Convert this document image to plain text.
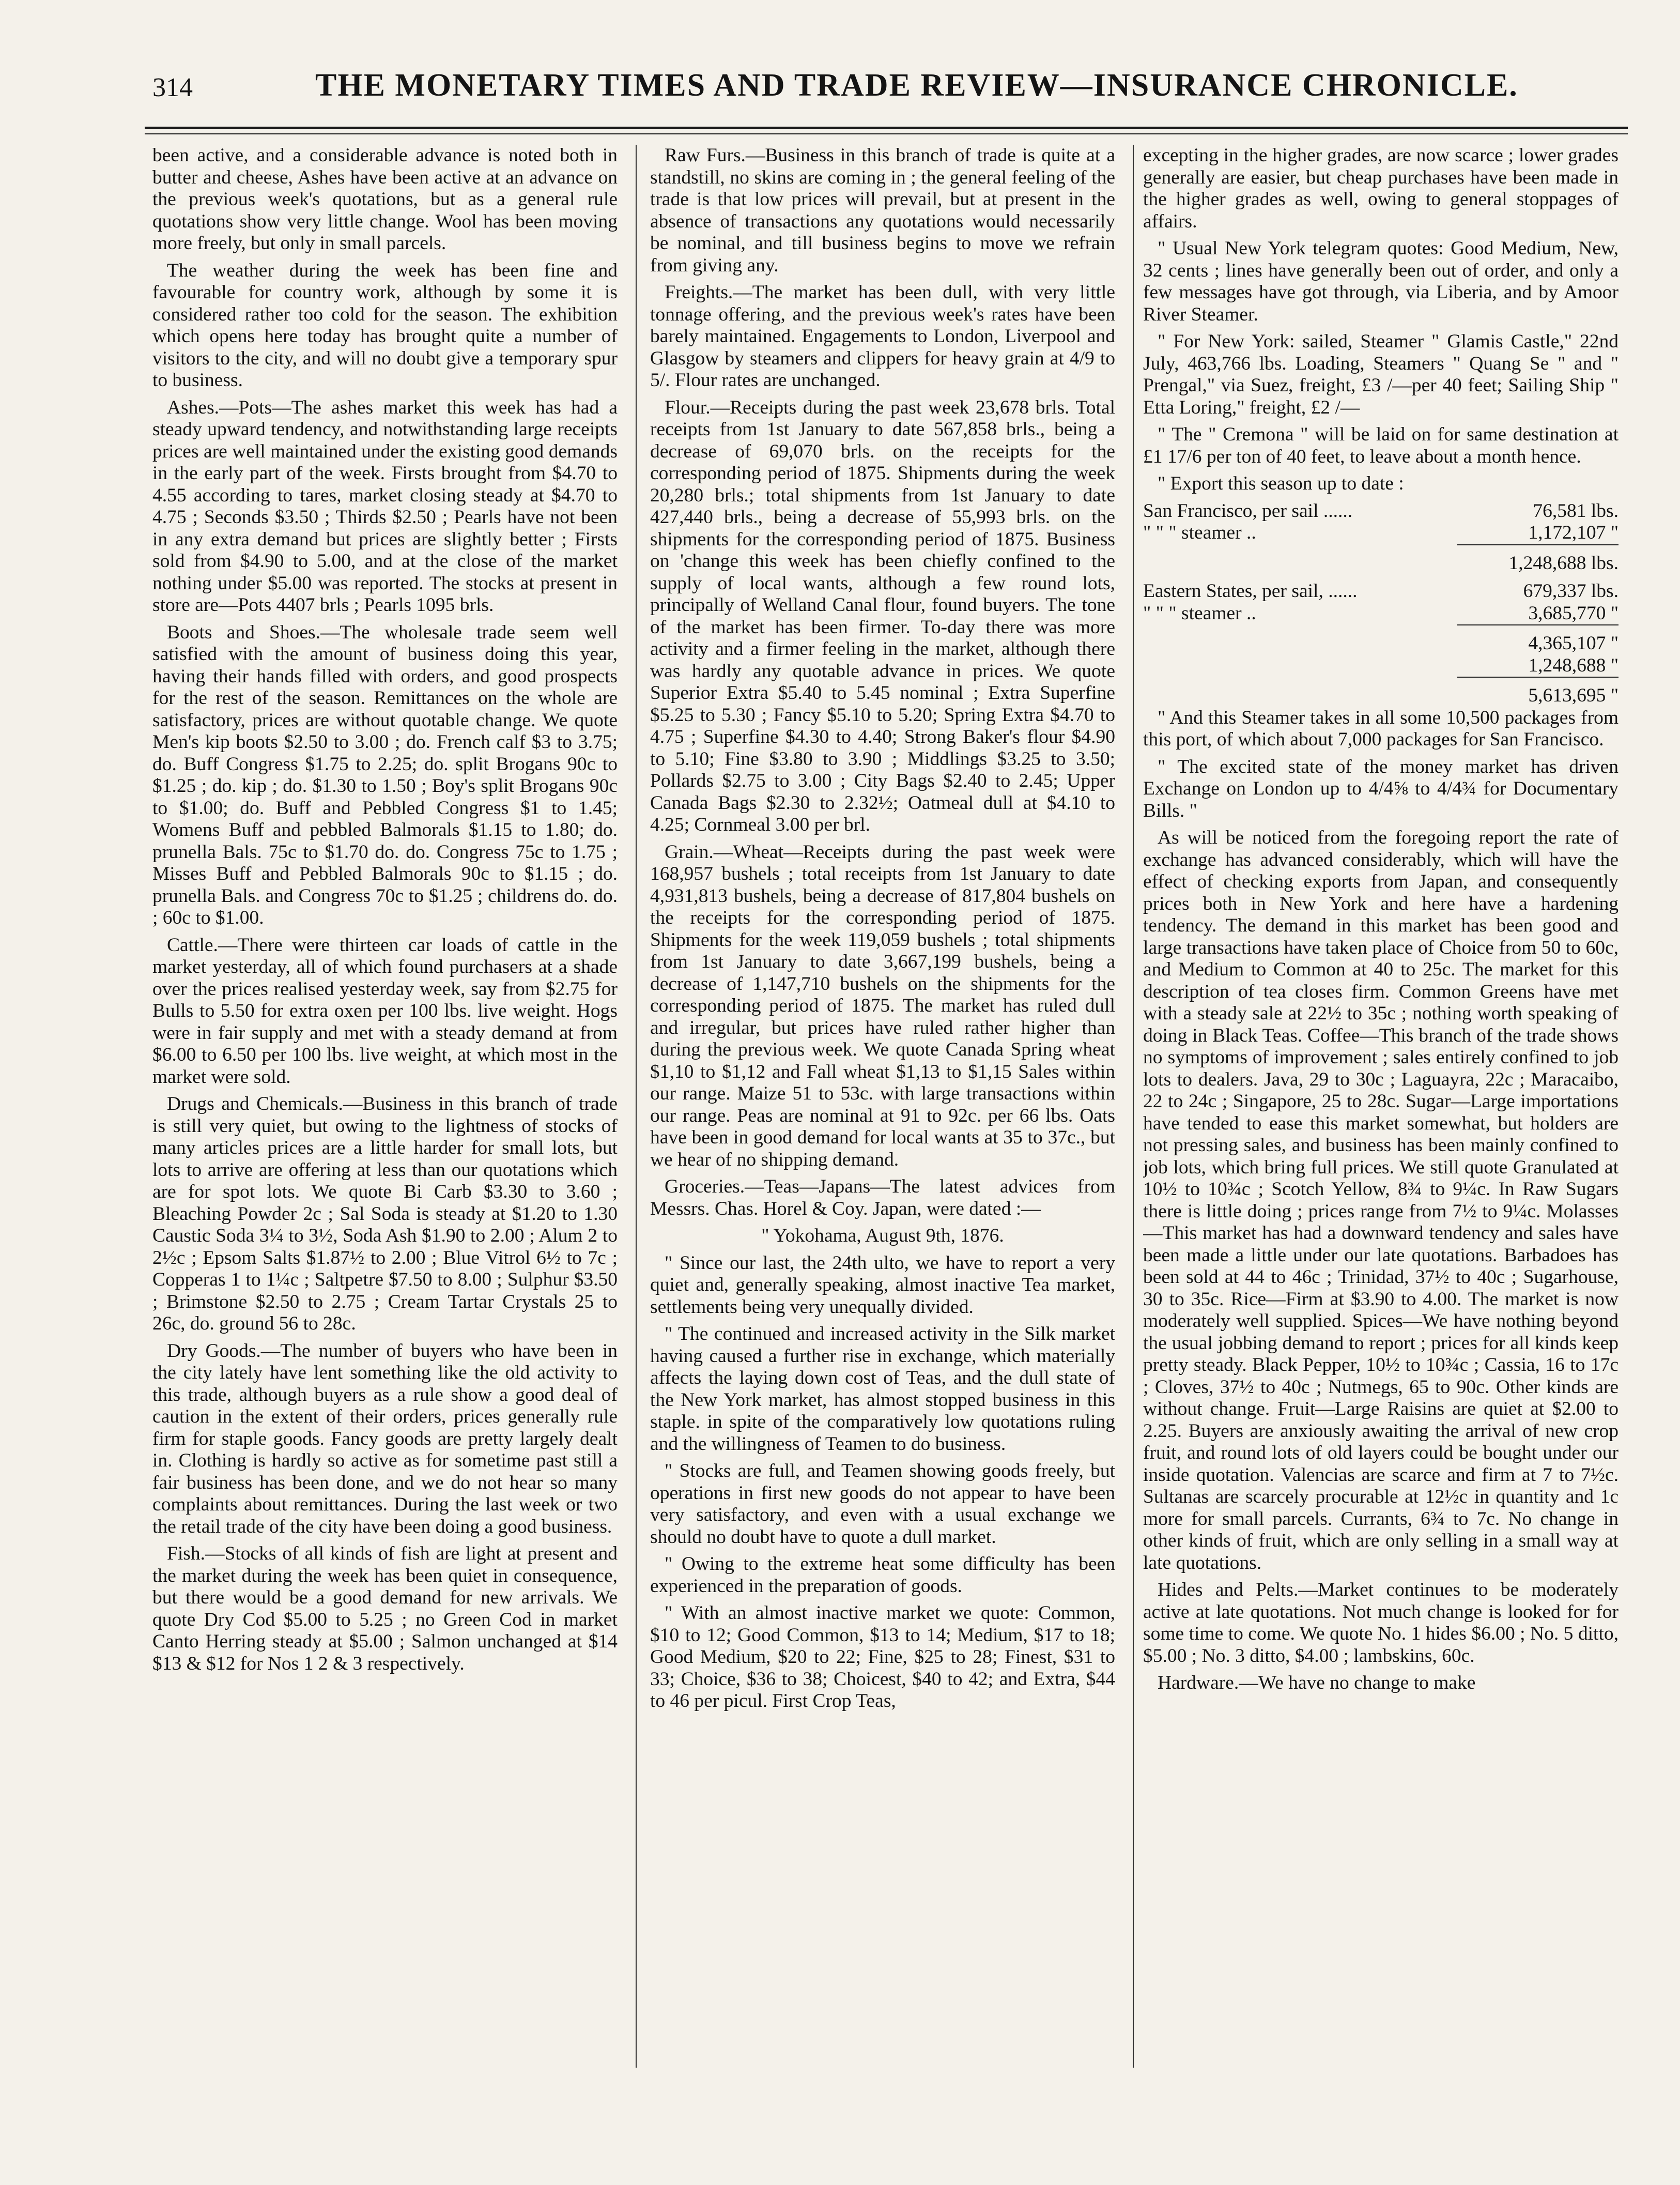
314	THE MONETARY TIMES AND TRADE REVIEW—INSURANCE CHRONICLE.

been active, and a considerable advance is noted both in butter and cheese, Ashes have been active at an advance on the previous week's quotations, but as a general rule quotations show very little change. Wool has been moving more freely, but only in small parcels.

The weather during the week has been fine and favourable for country work, although by some it is considered rather too cold for the season. The exhibition which opens here today has brought quite a number of visitors to the city, and will no doubt give a temporary spur to business.

Ashes.—Pots—The ashes market this week has had a steady upward tendency, and notwithstanding large receipts prices are well maintained under the existing good demands in the early part of the week. Firsts brought from $4.70 to 4.55 according to tares, market closing steady at $4.70 to 4.75 ; Seconds $3.50 ; Thirds $2.50 ; Pearls have not been in any extra demand but prices are slightly better ; Firsts sold from $4.90 to 5.00, and at the close of the market nothing under $5.00 was reported. The stocks at present in store are—Pots 4407 brls ; Pearls 1095 brls.

Boots and Shoes.—The wholesale trade seem well satisfied with the amount of business doing this year, having their hands filled with orders, and good prospects for the rest of the season. Remittances on the whole are satisfactory, prices are without quotable change. We quote Men's kip boots $2.50 to 3.00 ; do. French calf $3 to 3.75; do. Buff Congress $1.75 to 2.25; do. split Brogans 90c to $1.25 ; do. kip ; do. $1.30 to 1.50 ; Boy's split Brogans 90c to $1.00; do. Buff and Pebbled Congress $1 to 1.45; Womens Buff and pebbled Balmorals $1.15 to 1.80; do. prunella Bals. 75c to $1.70 do. do. Congress 75c to 1.75 ; Misses Buff and Pebbled Balmorals 90c to $1.15 ; do. prunella Bals. and Congress 70c to $1.25 ; childrens do. do. ; 60c to $1.00.

Cattle.—There were thirteen car loads of cattle in the market yesterday, all of which found purchasers at a shade over the prices realised yesterday week, say from $2.75 for Bulls to 5.50 for extra oxen per 100 lbs. live weight. Hogs were in fair supply and met with a steady demand at from $6.00 to 6.50 per 100 lbs. live weight, at which most in the market were sold.

Drugs and Chemicals.—Business in this branch of trade is still very quiet, but owing to the lightness of stocks of many articles prices are a little harder for small lots, but lots to arrive are offering at less than our quotations which are for spot lots. We quote Bi Carb $3.30 to 3.60 ; Bleaching Powder 2c ; Sal Soda is steady at $1.20 to 1.30 Caustic Soda 3¼ to 3½, Soda Ash $1.90 to 2.00 ; Alum 2 to 2½c ; Epsom Salts $1.87½ to 2.00 ; Blue Vitrol 6½ to 7c ; Copperas 1 to 1¼c ; Saltpetre $7.50 to 8.00 ; Sulphur $3.50 ; Brimstone $2.50 to 2.75 ; Cream Tartar Crystals 25 to 26c, do. ground 56 to 28c.

Dry Goods.—The number of buyers who have been in the city lately have lent something like the old activity to this trade, although buyers as a rule show a good deal of caution in the extent of their orders, prices generally rule firm for staple goods. Fancy goods are pretty largely dealt in. Clothing is hardly so active as for sometime past still a fair business has been done, and we do not hear so many complaints about remittances. During the last week or two the retail trade of the city have been doing a good business.

Fish.—Stocks of all kinds of fish are light at present and the market during the week has been quiet in consequence, but there would be a good demand for new arrivals. We quote Dry Cod $5.00 to 5.25 ; no Green Cod in market Canto Herring steady at $5.00 ; Salmon unchanged at $14 $13 & $12 for Nos 1 2 & 3 respectively.

Raw Furs.—Business in this branch of trade is quite at a standstill, no skins are coming in ; the general feeling of the trade is that low prices will prevail, but at present in the absence of transactions any quotations would necessarily be nominal, and till business begins to move we refrain from giving any.

Freights.—The market has been dull, with very little tonnage offering, and the previous week's rates have been barely maintained. Engagements to London, Liverpool and Glasgow by steamers and clippers for heavy grain at 4/9 to 5/. Flour rates are unchanged.

Flour.—Receipts during the past week 23,678 brls. Total receipts from 1st January to date 567,858 brls., being a decrease of 69,070 brls. on the receipts for the corresponding period of 1875. Shipments during the week 20,280 brls.; total shipments from 1st January to date 427,440 brls., being a decrease of 55,993 brls. on the shipments for the corresponding period of 1875. Business on 'change this week has been chiefly confined to the supply of local wants, although a few round lots, principally of Welland Canal flour, found buyers. The tone of the market has been firmer. To-day there was more activity and a firmer feeling in the market, although there was hardly any quotable advance in prices. We quote Superior Extra $5.40 to 5.45 nominal ; Extra Superfine $5.25 to 5.30 ; Fancy $5.10 to 5.20; Spring Extra $4.70 to 4.75 ; Superfine $4.30 to 4.40; Strong Baker's flour $4.90 to 5.10; Fine $3.80 to 3.90 ; Middlings $3.25 to 3.50; Pollards $2.75 to 3.00 ; City Bags $2.40 to 2.45; Upper Canada Bags $2.30 to 2.32½; Oatmeal dull at $4.10 to 4.25; Cornmeal 3.00 per brl.

Grain.—Wheat—Receipts during the past week were 168,957 bushels ; total receipts from 1st January to date 4,931,813 bushels, being a decrease of 817,804 bushels on the receipts for the corresponding period of 1875. Shipments for the week 119,059 bushels ; total shipments from 1st January to date 3,667,199 bushels, being a decrease of 1,147,710 bushels on the shipments for the corresponding period of 1875. The market has ruled dull and irregular, but prices have ruled rather higher than during the previous week. We quote Canada Spring wheat $1,10 to $1,12 and Fall wheat $1,13 to $1,15 Sales within our range. Maize 51 to 53c. with large transactions within our range. Peas are nominal at 91 to 92c. per 66 lbs. Oats have been in good demand for local wants at 35 to 37c., but we hear of no shipping demand.

Groceries.—Teas—Japans—The latest advices from Messrs. Chas. Horel & Coy. Japan, were dated :—

" Yokohama, August 9th, 1876.

" Since our last, the 24th ulto, we have to report a very quiet and, generally speaking, almost inactive Tea market, settlements being very unequally divided.

" The continued and increased activity in the Silk market having caused a further rise in exchange, which materially affects the laying down cost of Teas, and the dull state of the New York market, has almost stopped business in this staple. in spite of the comparatively low quotations ruling and the willingness of Teamen to do business.

" Stocks are full, and Teamen showing goods freely, but operations in first new goods do not appear to have been very satisfactory, and even with a usual exchange we should no doubt have to quote a dull market.

" Owing to the extreme heat some difficulty has been experienced in the preparation of goods.

" With an almost inactive market we quote: Common, $10 to 12; Good Common, $13 to 14; Medium, $17 to 18; Good Medium, $20 to 22; Fine, $25 to 28; Finest, $31 to 33; Choice, $36 to 38; Choicest, $40 to 42; and Extra, $44 to 46 per picul. First Crop Teas,

excepting in the higher grades, are now scarce ; lower grades generally are easier, but cheap purchases have been made in the higher grades as well, owing to general stoppages of affairs.

" Usual New York telegram quotes: Good Medium, New, 32 cents ; lines have generally been out of order, and only a few messages have got through, via Liberia, and by Amoor River Steamer.

" For New York: sailed, Steamer " Glamis Castle," 22nd July, 463,766 lbs. Loading, Steamers " Quang Se " and " Prengal," via Suez, freight, £3 /—per 40 feet; Sailing Ship " Etta Loring," freight, £2 /—

" The " Cremona " will be laid on for same destination at £1 17/6 per ton of 40 feet, to leave about a month hence.

" Export this season up to date :

San Francisco, per sail ......	76,581 lbs.
" " " steamer ..	1,172,107 "
	1,248,688 lbs.
Eastern States, per sail, ......	679,337 lbs.
" " " steamer ..	3,685,770 "
	4,365,107 "
	1,248,688 "
	5,613,695 "

" And this Steamer takes in all some 10,500 packages from this port, of which about 7,000 packages for San Francisco.

" The excited state of the money market has driven Exchange on London up to 4/4⅝ to 4/4¾ for Documentary Bills. "

As will be noticed from the foregoing report the rate of exchange has advanced considerably, which will have the effect of checking exports from Japan, and consequently prices both in New York and here have a hardening tendency. The demand in this market has been good and large transactions have taken place of Choice from 50 to 60c, and Medium to Common at 40 to 25c. The market for this description of tea closes firm. Common Greens have met with a steady sale at 22½ to 35c ; nothing worth speaking of doing in Black Teas. Coffee—This branch of the trade shows no symptoms of improvement ; sales entirely confined to job lots to dealers. Java, 29 to 30c ; Laguayra, 22c ; Maracaibo, 22 to 24c ; Singapore, 25 to 28c. Sugar—Large importations have tended to ease this market somewhat, but holders are not pressing sales, and business has been mainly confined to job lots, which bring full prices. We still quote Granulated at 10½ to 10¾c ; Scotch Yellow, 8¾ to 9¼c. In Raw Sugars there is little doing ; prices range from 7½ to 9¼c. Molasses—This market has had a downward tendency and sales have been made a little under our late quotations. Barbadoes has been sold at 44 to 46c ; Trinidad, 37½ to 40c ; Sugarhouse, 30 to 35c. Rice—Firm at $3.90 to 4.00. The market is now moderately well supplied. Spices—We have nothing beyond the usual jobbing demand to report ; prices for all kinds keep pretty steady. Black Pepper, 10½ to 10¾c ; Cassia, 16 to 17c ; Cloves, 37½ to 40c ; Nutmegs, 65 to 90c. Other kinds are without change. Fruit—Large Raisins are quiet at $2.00 to 2.25. Buyers are anxiously awaiting the arrival of new crop fruit, and round lots of old layers could be bought under our inside quotation. Valencias are scarce and firm at 7 to 7½c. Sultanas are scarcely procurable at 12½c in quantity and 1c more for small parcels. Currants, 6¾ to 7c. No change in other kinds of fruit, which are only selling in a small way at late quotations.

Hides and Pelts.—Market continues to be moderately active at late quotations. Not much change is looked for for some time to come. We quote No. 1 hides $6.00 ; No. 5 ditto, $5.00 ; No. 3 ditto, $4.00 ; lambskins, 60c.

Hardware.—We have no change to make
